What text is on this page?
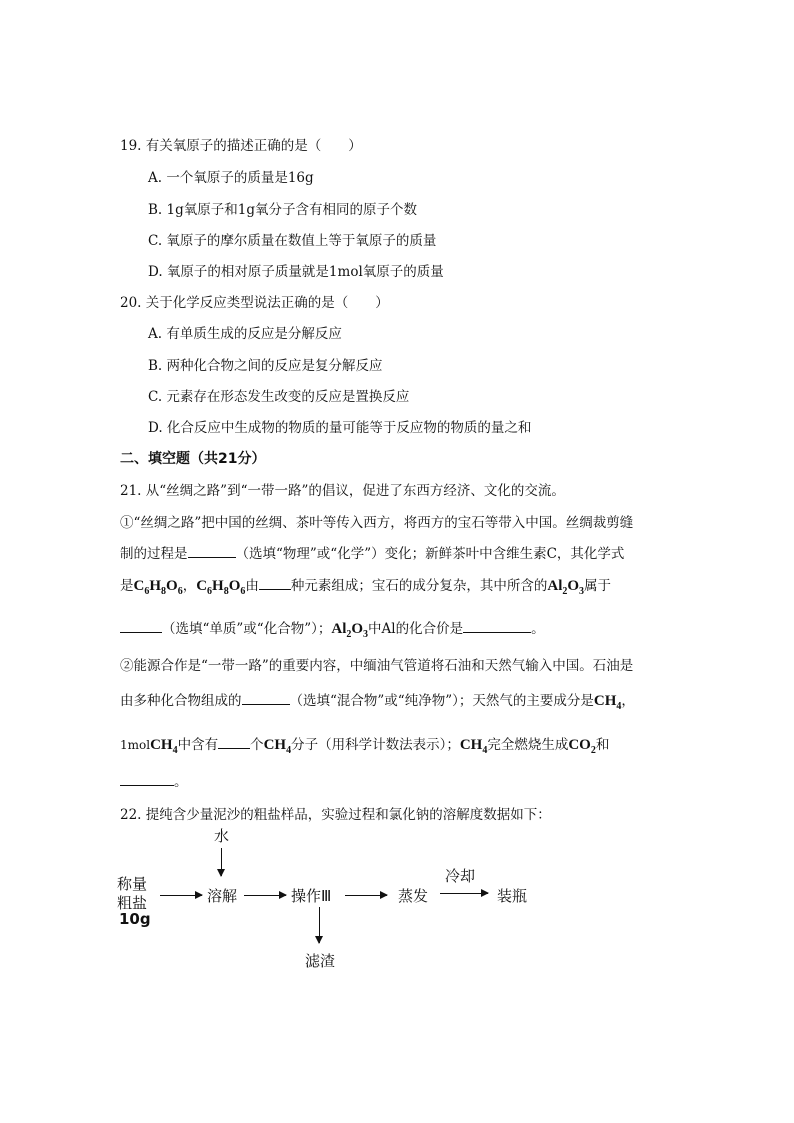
19. 有关氧原子的描述正确的是（　　）
A. 一个氧原子的质量是16g
B. 1g氧原子和1g氧分子含有相同的原子个数
C. 氧原子的摩尔质量在数值上等于氧原子的质量
D. 氧原子的相对原子质量就是1mol氧原子的质量
20. 关于化学反应类型说法正确的是（　　）
A. 有单质生成的反应是分解反应
B. 两种化合物之间的反应是复分解反应
C. 元素存在形态发生改变的反应是置换反应
D. 化合反应中生成物的物质的量可能等于反应物的物质的量之和
二、填空题（共21分）
21. 从“丝绸之路”到“一带一路”的倡议，促进了东西方经济、文化的交流。
①“丝绸之路”把中国的丝绸、茶叶等传入西方，将西方的宝石等带入中国。丝绸裁剪缝
制的过程是	（选填“物理”或“化学”）变化；新鲜茶叶中含维生素C，其化学式
是$C_6H_8O_6$，$C_6H_8O_6$由 种元素组成；宝石的成分复杂，其中所含的$Al_2O_3$属于
（选填“单质”或“化合物”）；$Al_2O_3$中Al的化合价是	。
②能源合作是“一带一路”的重要内容，中缅油气管道将石油和天然气输入中国。石油是
由多种化合物组成的	（选填“混合物”或“纯净物”）；天然气的主要成分是$CH_4$，
1molCH$_4$中含有 个$CH_4$分子（用科学计数法表示）；$CH_4$完全燃烧生成$CO_2$和
。
22. 提纯含少量泥沙的粗盐样品，实验过程和氯化钠的溶解度数据如下：
称量
粗盐
10g
水
溶解	操作Ⅲ
滤渣
蒸发
冷却
装瓶
